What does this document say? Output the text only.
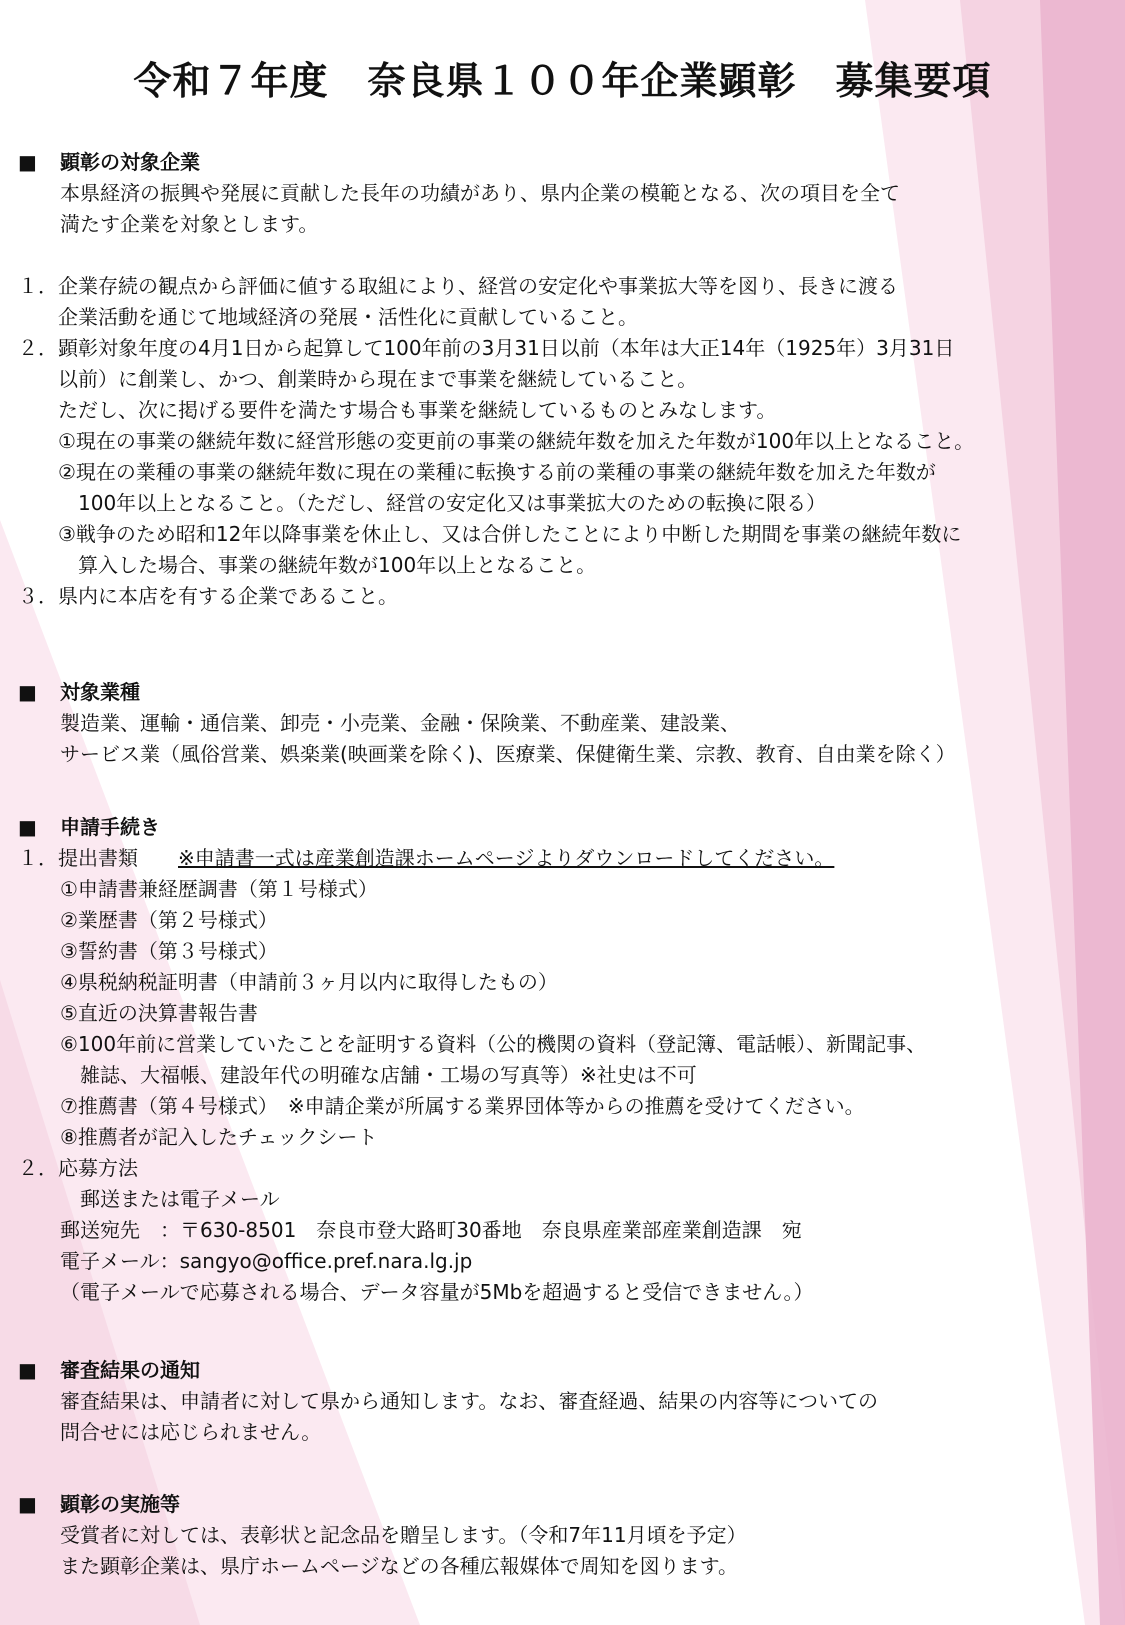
令和７年度　奈良県１００年企業顕彰　募集要項
■ 顕彰の対象企業
本県経済の振興や発展に貢献した長年の功績があり、県内企業の模範となる、次の項目を全て
満たす企業を対象とします。
１．企業存続の観点から評価に値する取組により、経営の安定化や事業拡大等を図り、長きに渡る
　　企業活動を通じて地域経済の発展・活性化に貢献していること。
２．顕彰対象年度の4月1日から起算して100年前の3月31日以前（本年は大正14年（1925年）3月31日
　　以前）に創業し、かつ、創業時から現在まで事業を継続していること。
　　ただし、次に掲げる要件を満たす場合も事業を継続しているものとみなします。
　　①現在の事業の継続年数に経営形態の変更前の事業の継続年数を加えた年数が100年以上となること。
　　②現在の業種の事業の継続年数に現在の業種に転換する前の業種の事業の継続年数を加えた年数が
　　　100年以上となること。（ただし、経営の安定化又は事業拡大のための転換に限る）
　　③戦争のため昭和12年以降事業を休止し、又は合併したことにより中断した期間を事業の継続年数に
　　　算入した場合、事業の継続年数が100年以上となること。
３．県内に本店を有する企業であること。
■ 対象業種
製造業、運輸・通信業、卸売・小売業、金融・保険業、不動産業、建設業、
サービス業（風俗営業、娯楽業(映画業を除く)、医療業、保健衛生業、宗教、教育、自由業を除く）
■ 申請手続き
１．提出書類　※申請書一式は産業創造課ホームページよりダウンロードしてください。
①申請書兼経歴調書（第１号様式）
②業歴書（第２号様式）
③誓約書（第３号様式）
④県税納税証明書（申請前３ヶ月以内に取得したもの）
⑤直近の決算書報告書
⑥100年前に営業していたことを証明する資料（公的機関の資料（登記簿、電話帳）、新聞記事、
　雑誌、大福帳、建設年代の明確な店舗・工場の写真等）※社史は不可
⑦推薦書（第４号様式）　※申請企業が所属する業界団体等からの推薦を受けてください。
⑧推薦者が記入したチェックシート
２．応募方法
　郵送または電子メール
郵送宛先　：〒630-8501　奈良市登大路町30番地　奈良県産業部産業創造課　宛
電子メール：sangyo@office.pref.nara.lg.jp
（電子メールで応募される場合、データ容量が5Mbを超過すると受信できません。）
■ 審査結果の通知
審査結果は、申請者に対して県から通知します。なお、審査経過、結果の内容等についての
問合せには応じられません。
■ 顕彰の実施等
受賞者に対しては、表彰状と記念品を贈呈します。（令和7年11月頃を予定）
また顕彰企業は、県庁ホームページなどの各種広報媒体で周知を図ります。
